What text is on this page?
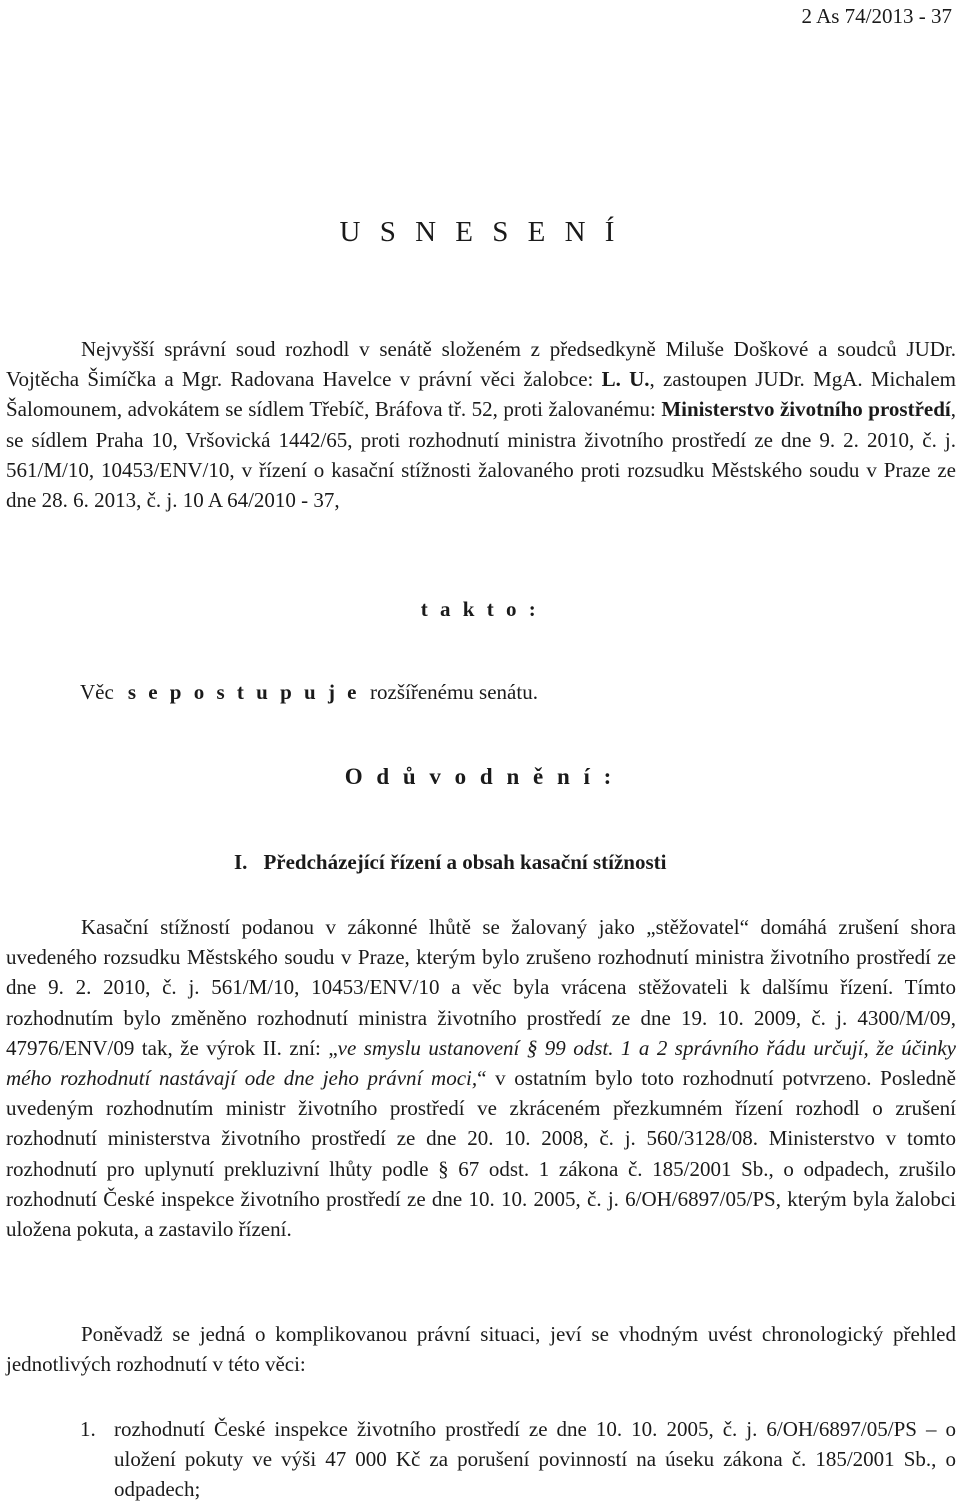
2 As 74/2013 - 37
U S N E S E N Í
Nejvyšší správní soud rozhodl v senátě složeném z předsedkyně Miluše Doškové a soudců JUDr. Vojtěcha Šimíčka a Mgr. Radovana Havelce v právní věci žalobce: L. U., zastoupen JUDr. MgA. Michalem Šalomounem, advokátem se sídlem Třebíč, Bráfova tř. 52, proti žalovanému: Ministerstvo životního prostředí, se sídlem Praha 10, Vršovická 1442/65, proti rozhodnutí ministra životního prostředí ze dne 9. 2. 2010, č. j. 561/M/10, 10453/ENV/10, v řízení o kasační stížnosti žalovaného proti rozsudku Městského soudu v Praze ze dne 28. 6. 2013, č. j. 10 A 64/2010 - 37,
t a k t o :
Věc s e p o s t u p u j e rozšířenému senátu.
O d ů v o d n ě n í :
I. Předcházející řízení a obsah kasační stížnosti
Kasační stížností podanou v zákonné lhůtě se žalovaný jako „stěžovatel“ domáhá zrušení shora uvedeného rozsudku Městského soudu v Praze, kterým bylo zrušeno rozhodnutí ministra životního prostředí ze dne 9. 2. 2010, č. j. 561/M/10, 10453/ENV/10 a věc byla vrácena stěžovateli k dalšímu řízení. Tímto rozhodnutím bylo změněno rozhodnutí ministra životního prostředí ze dne 19. 10. 2009, č. j. 4300/M/09, 47976/ENV/09 tak, že výrok II. zní: „ve smyslu ustanovení § 99 odst. 1 a 2 správního řádu určují, že účinky mého rozhodnutí nastávají ode dne jeho právní moci,“ v ostatním bylo toto rozhodnutí potvrzeno. Posledně uvedeným rozhodnutím ministr životního prostředí ve zkráceném přezkumném řízení rozhodl o zrušení rozhodnutí ministerstva životního prostředí ze dne 20. 10. 2008, č. j. 560/3128/08. Ministerstvo v tomto rozhodnutí pro uplynutí prekluzivní lhůty podle § 67 odst. 1 zákona č. 185/2001 Sb., o odpadech, zrušilo rozhodnutí České inspekce životního prostředí ze dne 10. 10. 2005, č. j. 6/OH/6897/05/PS, kterým byla žalobci uložena pokuta, a zastavilo řízení.
Poněvadž se jedná o komplikovanou právní situaci, jeví se vhodným uvést chronologický přehled jednotlivých rozhodnutí v této věci:
1. rozhodnutí České inspekce životního prostředí ze dne 10. 10. 2005, č. j. 6/OH/6897/05/PS – o uložení pokuty ve výši 47 000 Kč za porušení povinností na úseku zákona č. 185/2001 Sb., o odpadech;
